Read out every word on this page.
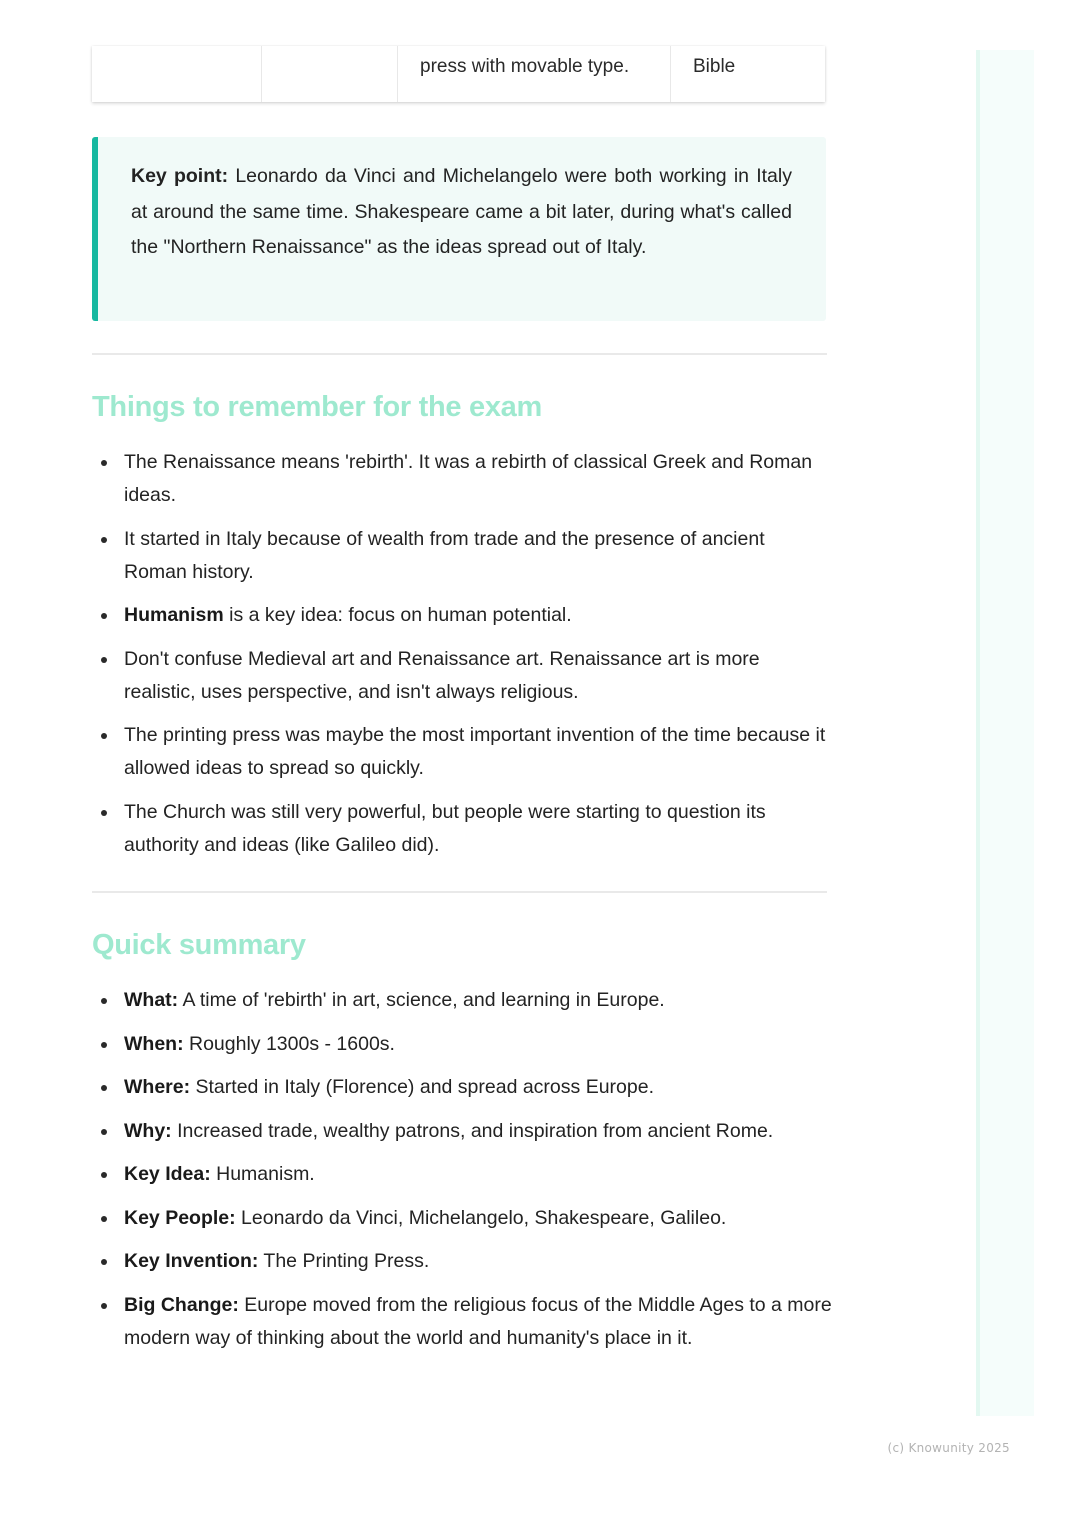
press with movable type.	Bible
Key point: Leonardo da Vinci and Michelangelo were both working in Italy at around the same time. Shakespeare came a bit later, during what's called the "Northern Renaissance" as the ideas spread out of Italy.
Things to remember for the exam
The Renaissance means 'rebirth'. It was a rebirth of classical Greek and Roman ideas.
It started in Italy because of wealth from trade and the presence of ancient Roman history.
Humanism is a key idea: focus on human potential.
Don't confuse Medieval art and Renaissance art. Renaissance art is more realistic, uses perspective, and isn't always religious.
The printing press was maybe the most important invention of the time because it allowed ideas to spread so quickly.
The Church was still very powerful, but people were starting to question its authority and ideas (like Galileo did).
Quick summary
What: A time of 'rebirth' in art, science, and learning in Europe.
When: Roughly 1300s - 1600s.
Where: Started in Italy (Florence) and spread across Europe.
Why: Increased trade, wealthy patrons, and inspiration from ancient Rome.
Key Idea: Humanism.
Key People: Leonardo da Vinci, Michelangelo, Shakespeare, Galileo.
Key Invention: The Printing Press.
Big Change: Europe moved from the religious focus of the Middle Ages to a more modern way of thinking about the world and humanity's place in it.
(c) Knowunity 2025
